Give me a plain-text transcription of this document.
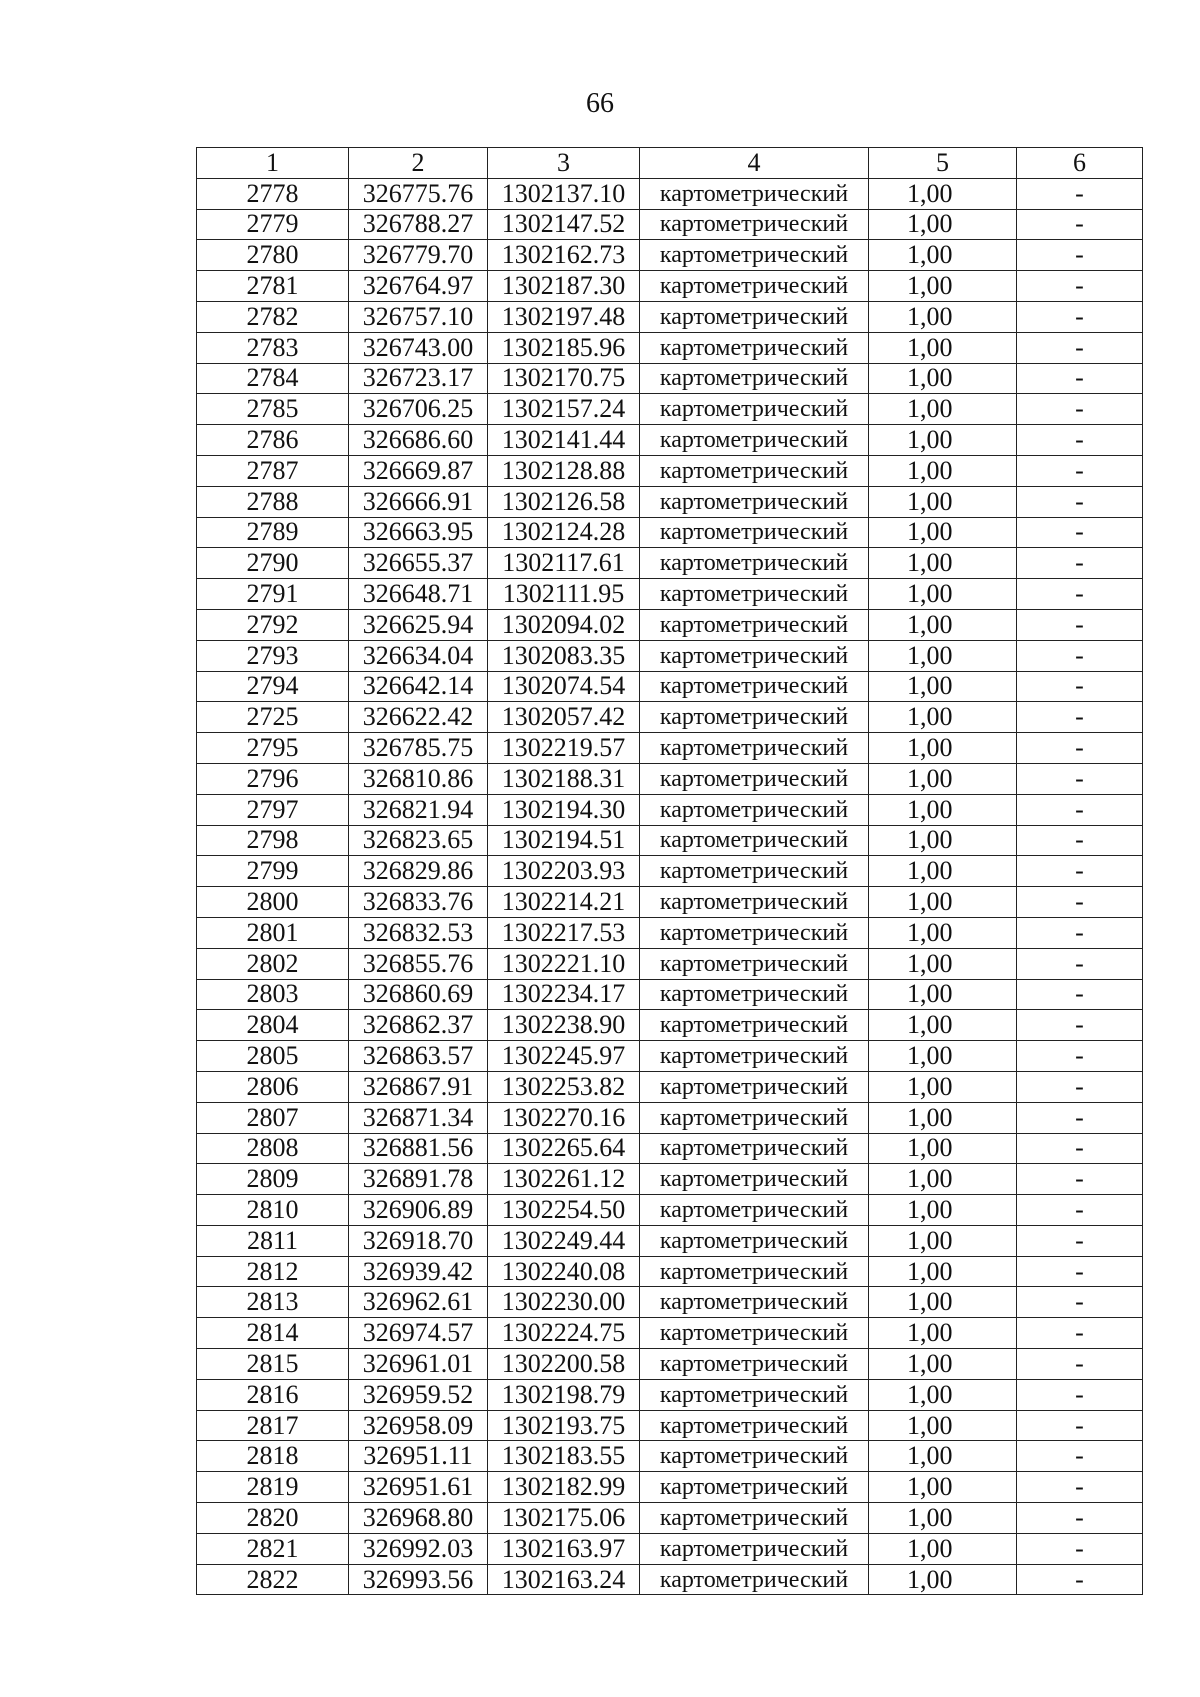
66
1	2	3	4	5	6
2778	326775.76	1302137.10	картометрический	1,00	-
2779	326788.27	1302147.52	картометрический	1,00	-
2780	326779.70	1302162.73	картометрический	1,00	-
2781	326764.97	1302187.30	картометрический	1,00	-
2782	326757.10	1302197.48	картометрический	1,00	-
2783	326743.00	1302185.96	картометрический	1,00	-
2784	326723.17	1302170.75	картометрический	1,00	-
2785	326706.25	1302157.24	картометрический	1,00	-
2786	326686.60	1302141.44	картометрический	1,00	-
2787	326669.87	1302128.88	картометрический	1,00	-
2788	326666.91	1302126.58	картометрический	1,00	-
2789	326663.95	1302124.28	картометрический	1,00	-
2790	326655.37	1302117.61	картометрический	1,00	-
2791	326648.71	1302111.95	картометрический	1,00	-
2792	326625.94	1302094.02	картометрический	1,00	-
2793	326634.04	1302083.35	картометрический	1,00	-
2794	326642.14	1302074.54	картометрический	1,00	-
2725	326622.42	1302057.42	картометрический	1,00	-
2795	326785.75	1302219.57	картометрический	1,00	-
2796	326810.86	1302188.31	картометрический	1,00	-
2797	326821.94	1302194.30	картометрический	1,00	-
2798	326823.65	1302194.51	картометрический	1,00	-
2799	326829.86	1302203.93	картометрический	1,00	-
2800	326833.76	1302214.21	картометрический	1,00	-
2801	326832.53	1302217.53	картометрический	1,00	-
2802	326855.76	1302221.10	картометрический	1,00	-
2803	326860.69	1302234.17	картометрический	1,00	-
2804	326862.37	1302238.90	картометрический	1,00	-
2805	326863.57	1302245.97	картометрический	1,00	-
2806	326867.91	1302253.82	картометрический	1,00	-
2807	326871.34	1302270.16	картометрический	1,00	-
2808	326881.56	1302265.64	картометрический	1,00	-
2809	326891.78	1302261.12	картометрический	1,00	-
2810	326906.89	1302254.50	картометрический	1,00	-
2811	326918.70	1302249.44	картометрический	1,00	-
2812	326939.42	1302240.08	картометрический	1,00	-
2813	326962.61	1302230.00	картометрический	1,00	-
2814	326974.57	1302224.75	картометрический	1,00	-
2815	326961.01	1302200.58	картометрический	1,00	-
2816	326959.52	1302198.79	картометрический	1,00	-
2817	326958.09	1302193.75	картометрический	1,00	-
2818	326951.11	1302183.55	картометрический	1,00	-
2819	326951.61	1302182.99	картометрический	1,00	-
2820	326968.80	1302175.06	картометрический	1,00	-
2821	326992.03	1302163.97	картометрический	1,00	-
2822	326993.56	1302163.24	картометрический	1,00	-
